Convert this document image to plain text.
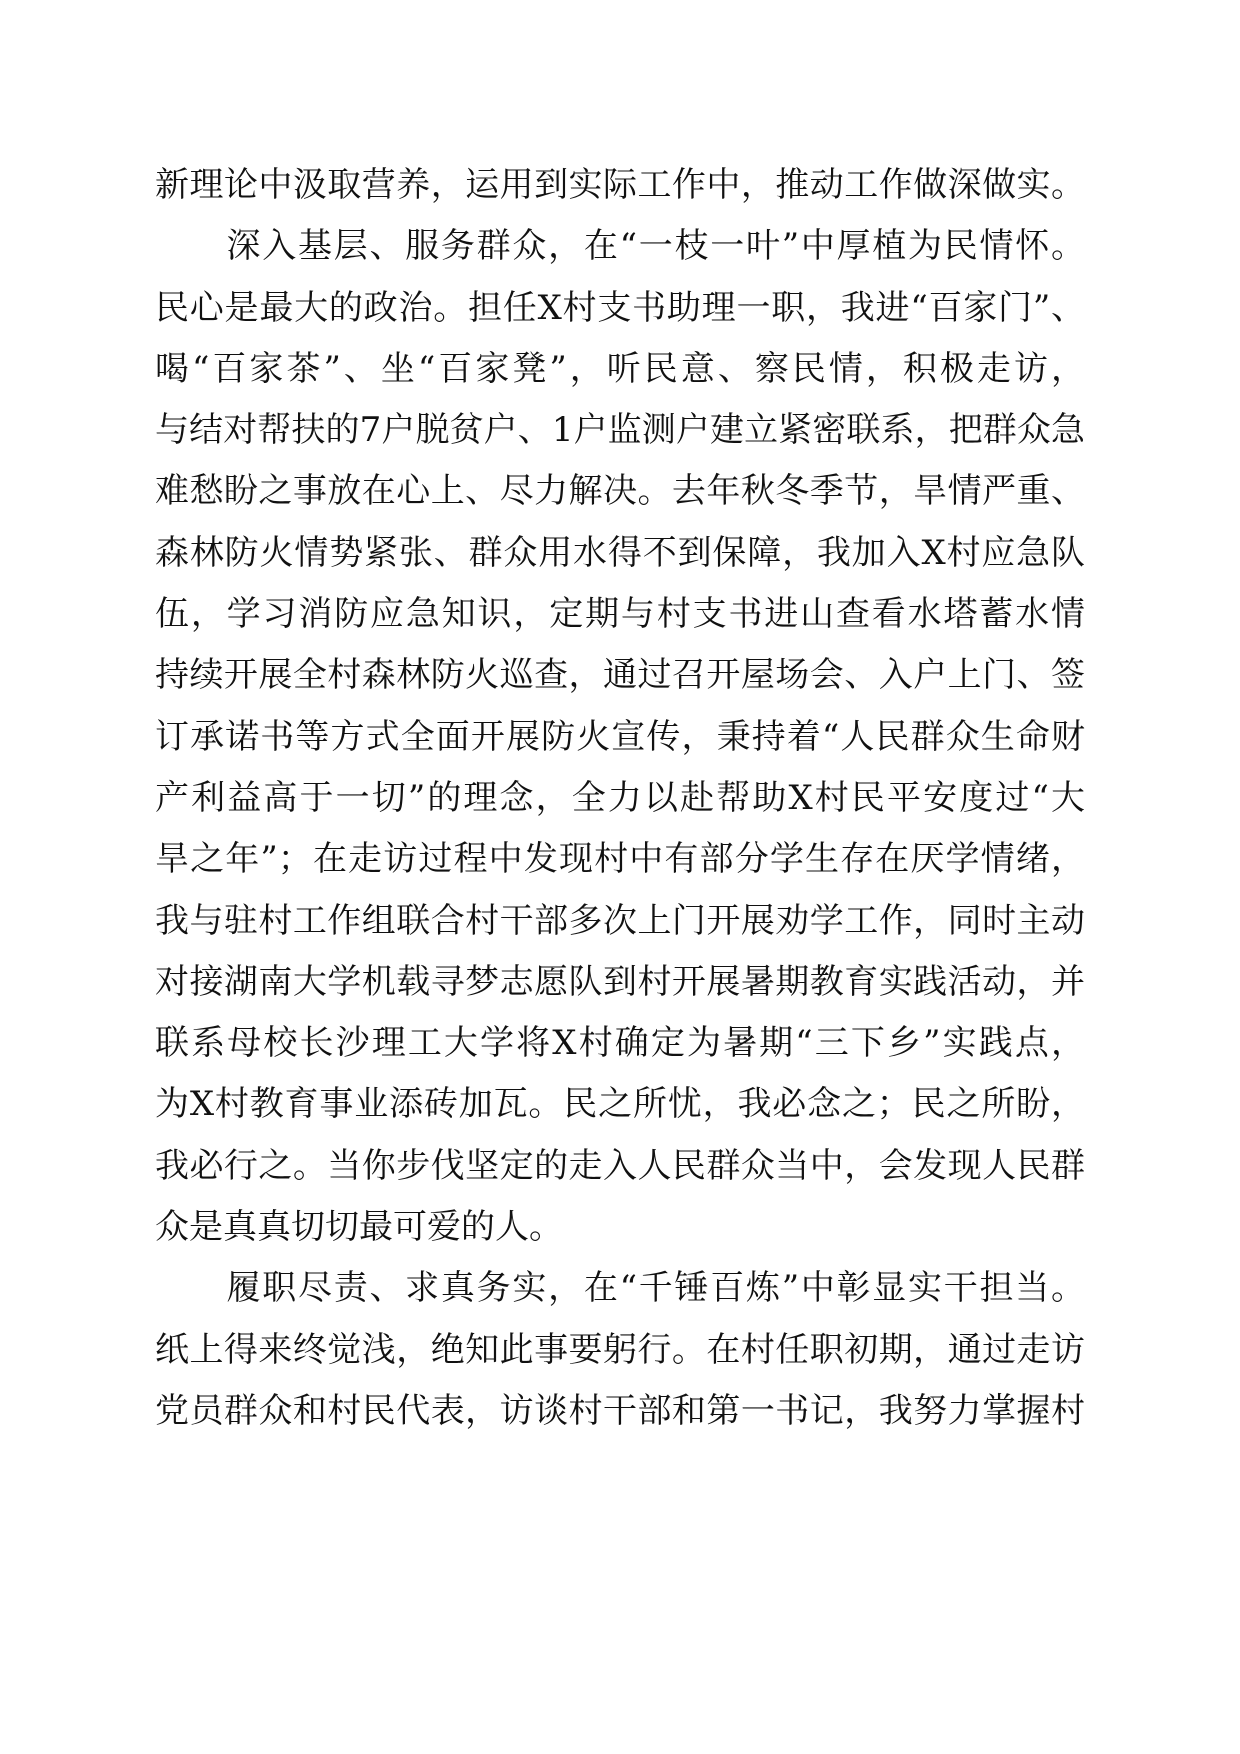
新理论中汲取营养，运用到实际工作中，推动工作做深做实。
　　深入基层、服务群众，在“一枝一叶”中厚植为民情怀。
民心是最大的政治。担任X村支书助理一职，我进“百家门”、
喝“百家茶”、坐“百家凳”，听民意、察民情，积极走访，
与结对帮扶的7户脱贫户、1户监测户建立紧密联系，把群众急
难愁盼之事放在心上、尽力解决。去年秋冬季节，旱情严重、
森林防火情势紧张、群众用水得不到保障，我加入X村应急队
伍，学习消防应急知识，定期与村支书进山查看水塔蓄水情
持续开展全村森林防火巡查，通过召开屋场会、入户上门、签
订承诺书等方式全面开展防火宣传，秉持着“人民群众生命财
产利益高于一切”的理念，全力以赴帮助X村民平安度过“大
旱之年”；在走访过程中发现村中有部分学生存在厌学情绪，
我与驻村工作组联合村干部多次上门开展劝学工作，同时主动
对接湖南大学机载寻梦志愿队到村开展暑期教育实践活动，并
联系母校长沙理工大学将X村确定为暑期“三下乡”实践点，
为X村教育事业添砖加瓦。民之所忧，我必念之；民之所盼，
我必行之。当你步伐坚定的走入人民群众当中，会发现人民群
众是真真切切最可爱的人。
　　履职尽责、求真务实，在“千锤百炼”中彰显实干担当。
纸上得来终觉浅，绝知此事要躬行。在村任职初期，通过走访
党员群众和村民代表，访谈村干部和第一书记，我努力掌握村
